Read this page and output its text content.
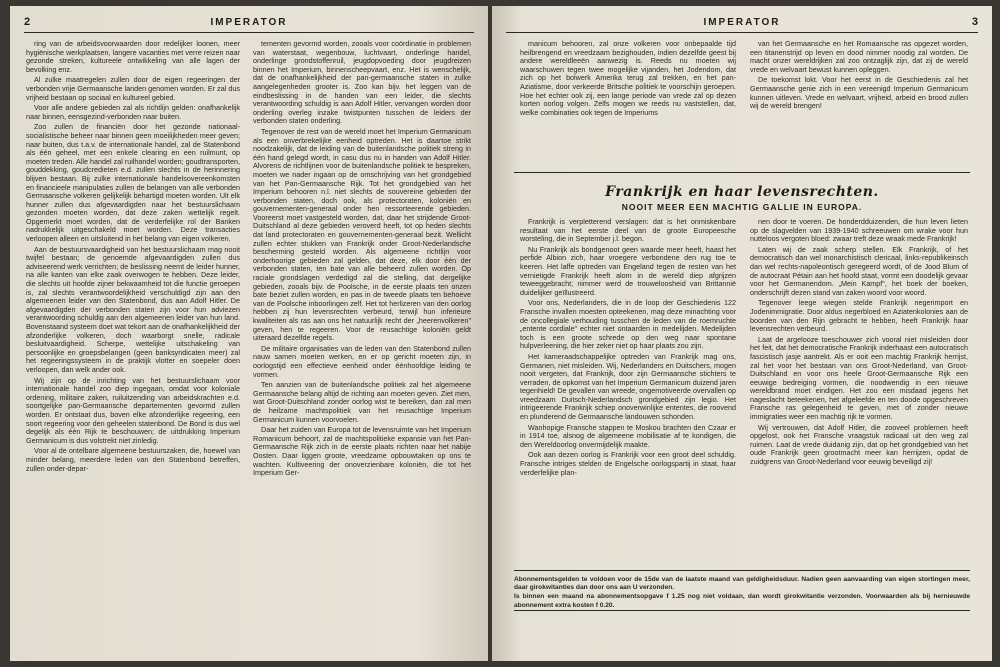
2	IMPERATOR

ring van de arbeidsvoorwaarden door redelijker loonen, meer hygiënische werkplaatsen, langere vacanties met verre reizen naar gezonde streken, kultureele ontwikkeling van alle lagen der bevolking enz.

Al zulke maatregelen zullen door de eigen regeeringen der verbonden vrije Germaansche landen genomen worden. Er zal dus vrijheid bestaan op sociaal en kultureel gebied.

Voor alle andere gebieden zal als richtlijn gelden: onafhankelijk naar binnen, eensgezind-verbonden naar buiten.

Zoo zullen de financiën door het gezonde nationaal-socialistische beheer naar binnen geen moeilijkheden meer geven; naar buiten, dus t.a.v. de internationale handel, zal de Statenbond als één geheel, met een enkele clearing en een ruilmunt, op moeten treden. Alle handel zal ruilhandel worden; goudtransporten, gouddekking, goudcredieten e.d. zullen slechts in de herinnering blijven bestaan. Bij zulke internationale handelsovereenkomsten en financieele manipulaties zullen de belangen van alle verbonden Germaansche volkeren gelijkelijk behartigd moeten worden. Uit elk hunner zullen dus afgevaardigden naar het bestuurslichaam gezonden moeten worden, dat deze zaken wettelijk regelt. Opgemerkt moet worden, dat de verderfelijke rol der Banken nadrukkelijk uitgeschakeld moet worden. Deze transacties verloopen alleen en uitsluitend in het belang van eigen volkeren.

Aan de bestuursvaardigheid van het bestuurslichaam mag nooit twijfel bestaan; de genoemde afgevaardigden zullen dus adviseerend werk verrichten; de beslissing neemt de leider hunner, na alle kanten van elke zaak overwogen te hebben. Deze leider, die slechts uit hoofde zijner bekwaamheid tot die functie geroepen is, zal slechts verantwoordelijkheid verschuldigd zijn aan den algemeenen leider van den Statenbond, dus aan Adolf Hitler. De afgevaardigden der verbonden staten zijn voor hun adviezen verantwoording schuldig aan den algemeenen leider van hun land. Bovenstaand systeem doet wat tekort aan de onafhankelijkheid der afzonderlijke volkeren, doch waarborgt snelle, radicale besluitvaardigheid. Scherpe, wettelijke uitschakeling van persoonlijke en groepsbelangen (geen banksyndicaten meer) zal het regeeringssysteem in de praktijk vlotter en soepeler doen verloopen, dan welk ander ook.

Wij zijn op de inrichting van het bestuurslichaam voor internationale handel zoo diep ingegaan, omdat voor koloniale ordening, militaire zaken, ruiluitzending van arbeidskrachten e.d. soortgelijke pan-Germaansche departementen gevormd zullen worden. Er ontstaat dus, boven elke afzonderlijke regeering, een soort regeering voor den geheelen statenbond. De Bond is dus wel degelijk als één Rijk te beschouwen; de uitdrukking Imperium Germanicum is dus volstrekt niet zinledig.

Voor al de ontelbare algemeene bestuurszaken, die, hoewel van minder belang, meerdere leden van den Statenbond betreffen, zullen onder-depar-

tementen gevormd worden, zooals voor coördinatie in problemen van waterstaat, wegenbouw, luchtvaart, onderlinge handel, onderlinge grondstoffenruil, jeugdopvoeding door jeugdreizen binnen het Imperium, binnenscheepvaart, enz. Het is wenschelijk, dat de onafhankelijkheid der pan-germaansche staten in zulke aangelegenheden grooter is. Zoo kan bijv. het leggen van de eindbeslissing in de handen van een leider, die slechts verantwoording schuldig is aan Adolf Hitler, vervangen worden door onderling overleg inzake twistpunten tusschen de leiders der verbonden staten onderling.

Tegenover de rest van de wereld moet het Imperium Germanicum als een onverbrekelijke eenheid optreden. Het is daartoe strikt noodzakelijk, dat de leiding van de buitenlandsche politiek streng in één hand gelegd wordt, in casu dus nu in handen van Adolf Hitler. Alvorens de richtlijnen voor de buitenlandsche politiek te bespreken, moeten we nader ingaan op de omschrijving van het grondgebied van het Pan-Germaansche Rijk. Tot het grondgebied van het Imperium behooren n.l. niet slechts de souvereine gebieden der verbonden staten, doch ook, als protectoraten, koloniën en gouvernementen-generaal onder hen ressorteerende gebieden. Vooreerst moet vastgesteld worden, dat, daar het strijdende Groot-Duitschland al deze gebieden veroverd heeft, tot op heden slechts dat land protectoraten en gouvernementen-generaal bezit. Wellicht zullen echter stukken van Frankrijk onder Groot-Nederlandsche bescherming gesteld worden. Als algemeene richtlijn voor onderhoorige gebieden zal gelden, dat deze, elk door één der verbonden staten, ten bate van alle beheerd zullen worden. Op raciale grondslagen verdedigd zal die stelling, dat dergelijke gebieden, zooals bijv. de Poolsche, in de eerste plaats ten onzen bate beziet zullen worden, en pas in de tweede plaats ten behoeve van de Poolsche inboorlingen zelf. Het tot herlizeren van den oorlog hebben zij hun levensrechten verbeurd, terwijl hun inferieure kwaliteiten als ras aan ons het natuurlijk recht der „heerenvolkeren" geven, hen te regeeren. Voor de reusachtige koloniën geldt uiteraard dezelfde regels.

De militaire organisaties van de leden van den Statenbond zullen nauw samen moeten werken, en er op gericht moeten zijn, in oorlogstijd een effectieve eenheid onder éénhoofdige leiding te vormen.

Ten aanzien van de buitenlandsche politiek zal het algemeene Germaansche belang altijd de richting aan moeten geven. Ziet men, wat Groot-Duitschland zonder oorlog wist te bereiken, dan zal men de heilzame machtspolitiek van het reusachtige Imperium Germanicum kunnen voorvoelen.

Daar het zuiden van Europa tot de levensruimte van het Imperium Romanicum behoort, zal de machtspolitieke expansie van het Pan-Germaansche Rijk zich in de eerste plaats richten naar het nabije Oosten. Daar liggen groote, vreedzame opbouwtaken op ons te wachten. Kultiveering der onoverzienbare koloniën, die tot het Imperium Ger-

IMPERATOR	3

manicum behooren, zal onze volkeren voor onbepaalde tijd heilbrengend en vreedzaam bezighouden, indien dezelfde geest bij andere wereldleeën aanwezig is. Reeds nu moeten wij waarschuwen tegen twee mogelijke vijanden, het Jodendom, dat zich op het bolwerk Amerika terug zal trekken, en het pan-Aziatisme, door verkeerde Britsche politiek te voorschijn geroepen. Hoe het echter ook zij, een lange periode van vrede zal op dezen korten oorlog volgen. Zelfs mogen we reeds nu vaststellen, dat, welke combinaties ook tegen de Imperiums

van het Germaansche en het Romaansche ras opgezet worden, een titanenstrijd op leven en dood nimmer noodig zal worden. De macht onzer wereldrijken zal zoo ontzaglijk zijn, dat zij de wereld vrede en welvaart bewust kunnen opleggen.

De toekomst lokt. Voor het eerst in de Geschiedenis zal het Germaansche genie zich in een vereenigd Imperium Germanicum kunnen uitleven. Vrede en welvaart, vrijheid, arbeid en brood zullen wij de wereld brengen!

Frankrijk en haar levensrechten.
NOOIT MEER EEN MACHTIG GALLIE IN EUROPA.

Frankrijk is verpletterend verslagen: dat is het onmiskenbare resultaat van het eerste deel van de groote Europeesche worsteling, die in September j.l. begon.

Nu Frankrijk als bondgenoot geen waarde meer heeft, haast het perfide Albion zich, haar vroegere verbondene den rug toe te keeren. Het laffe optreden van Engeland tegen de resten van het vernietigde Frankrijk heeft alom in de wereld diep afgrijzen teweeggebracht; nimmer werd de trouweloosheid van Brittannië duidelijker geïllustreerd.

Voor ons, Nederlanders, die in de loop der Geschiedenis 122 Fransche invallen moesten opteekenen, mag deze minachting voor de oncollegiale verhouding tusschen de leden van de roemruchte „entente cordiale" echter niet ontaarden in medelijden. Medelijden toch is een groote schrede op den weg naar spontane hulpverleening, die hier zeker niet op haar plaats zou zijn.

Het kameraadschappelijke optreden van Frankrijk mag ons, Germanen, niet misleiden. Wij, Nederlanders en Duitschers, mogen nooit vergeten, dat Frankrijk, door zijn Germaansche stichters te verraden, de opkomst van het Imperium Germanicum duizend jaren tegenhield! De gevallen van wreede, ongemotiveerde overvallen op vreedzaam Duitsch-Nederlandsch grondgebied zijn legio. Het intrigeerende Frankrijk schiep onoverwinlijke ententes, die roovend en plunderend de Germaansche landouwen schonden.

Wanhopige Fransche stappen te Moskou brachten den Czaar er in 1914 toe, alsnog de algemeene mobilisatie af te kondigen, die den Wereldoorlog onvermijdelijk maakte.

Ook aan dezen oorlog is Frankrijk voor een groot deel schuldig. Fransche intriges stelden de Engelsche oorlogspartij in staat, haar verderfelijke plan-

nen door te voeren. De honderdduizenden, die hun leven lieten op de slagvelden van 1939-1940 schreeuwen om wrake voor hun nutteloos vergoten bloed: zwaar treft deze wraak mede Frankrijk!

Laten wij de zaak scherp stellen. Elk Frankrijk, of het democratisch dan wel monarchistisch clericaal, links-republikeinsch dan wel rechts-napoleontisch geregeerd wordt, of de Jood Blum of de autocraat Pétain aan het hoofd staat, vormt een doodelijk gevaar voor het Germanendom. „Mein Kampf", het boek der boeken, onderschrijft dezen stand van zaken woord voor woord.

Tegenover leege wiegen stelde Frankrijk negerimport en Jodenimmigratie. Door aldus negerbloed en Aziatenkolonies aan de boorden van den Rijn gebracht te hebben, heeft Frankrijk haar levensrechten verbeurd.

Laat de argelooze toeschouwer zich vooral niet misleiden door het feit, dat het democratische Frankrijk inderhaast een autocratisch fascistisch jasje aantrekt. Als er ooit een machtig Frankrijk herrijst, zal het voor het bestaan van ons Groot-Nederland, van Groot-Duitschland en voor ons heele Groot-Germaansche Rijk een eeuwige bedreiging vormen, die noodwendig in een nieuwe wereldbrand moet eindigen. Het zou een misdaad jegens het nageslacht beteekenen, het afgeleefde en ten doode opgeschreven Fransche ras gelegenheid te geven, met of zonder nieuwe immigraties weer een machtig rijk te vormen.

Wij vertrouwen, dat Adolf Hitler, die zooveel problemen heeft opgelost, ook het Fransche vraagstuk radicaal uit den weg zal ruimen. Laat de vrede duidanig zijn, dat op het grondgebied van het oude Frankrijk geen grootmacht meer kan herrijzen, opdat de zuidgrens van Groot-Nederland voor eeuwig beveiligd zij!

Abonnementsgelden te voldoen voor de 15de van de laatste maand van geldigheidsduur. Nadien geen aanvaarding van eigen stortingen meer, daar girokwitanties dan door ons aan U verzonden.

Is binnen een maand na abonnementsopgave f 1.25 nog niet voldaan, dan wordt girokwitantie verzonden. Voorwaarden als bij hernieuwde abonnement extra kosten f 0.20.
